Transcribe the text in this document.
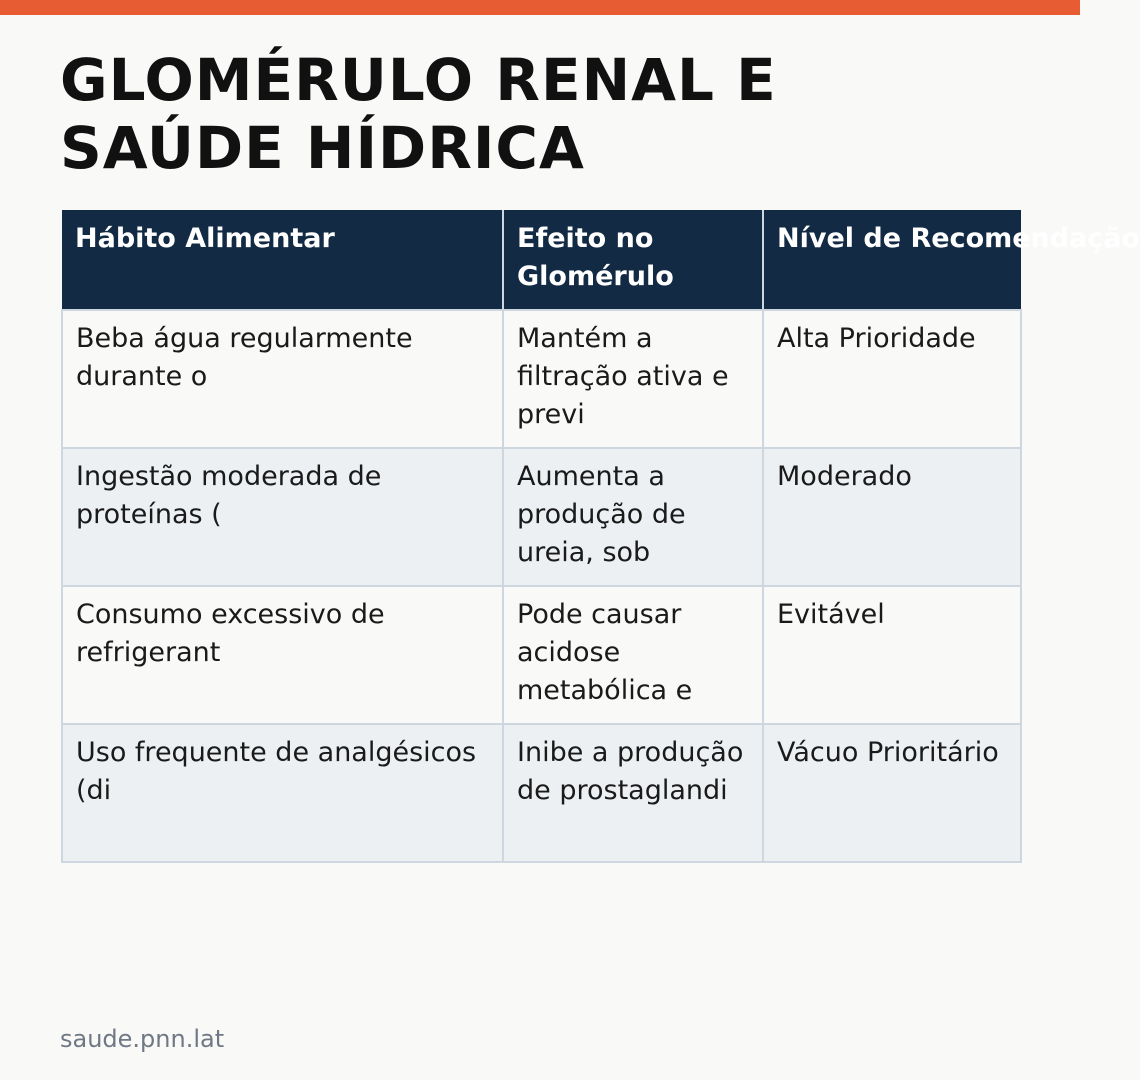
GLOMÉRULO RENAL E SAÚDE HÍDRICA
Hábito Alimentar	Efeito no Glomérulo	Nível de Recomendação
Beba água regularmente durante o	Mantém a filtração ativa e previ	Alta Prioridade
Ingestão moderada de proteínas (	Aumenta a produção de ureia, sob	Moderado
Consumo excessivo de refrigerant	Pode causar acidose metabólica e	Evitável
Uso frequente de analgésicos (di	Inibe a produção de prostaglandi	Vácuo Prioritário
saude.pnn.lat
